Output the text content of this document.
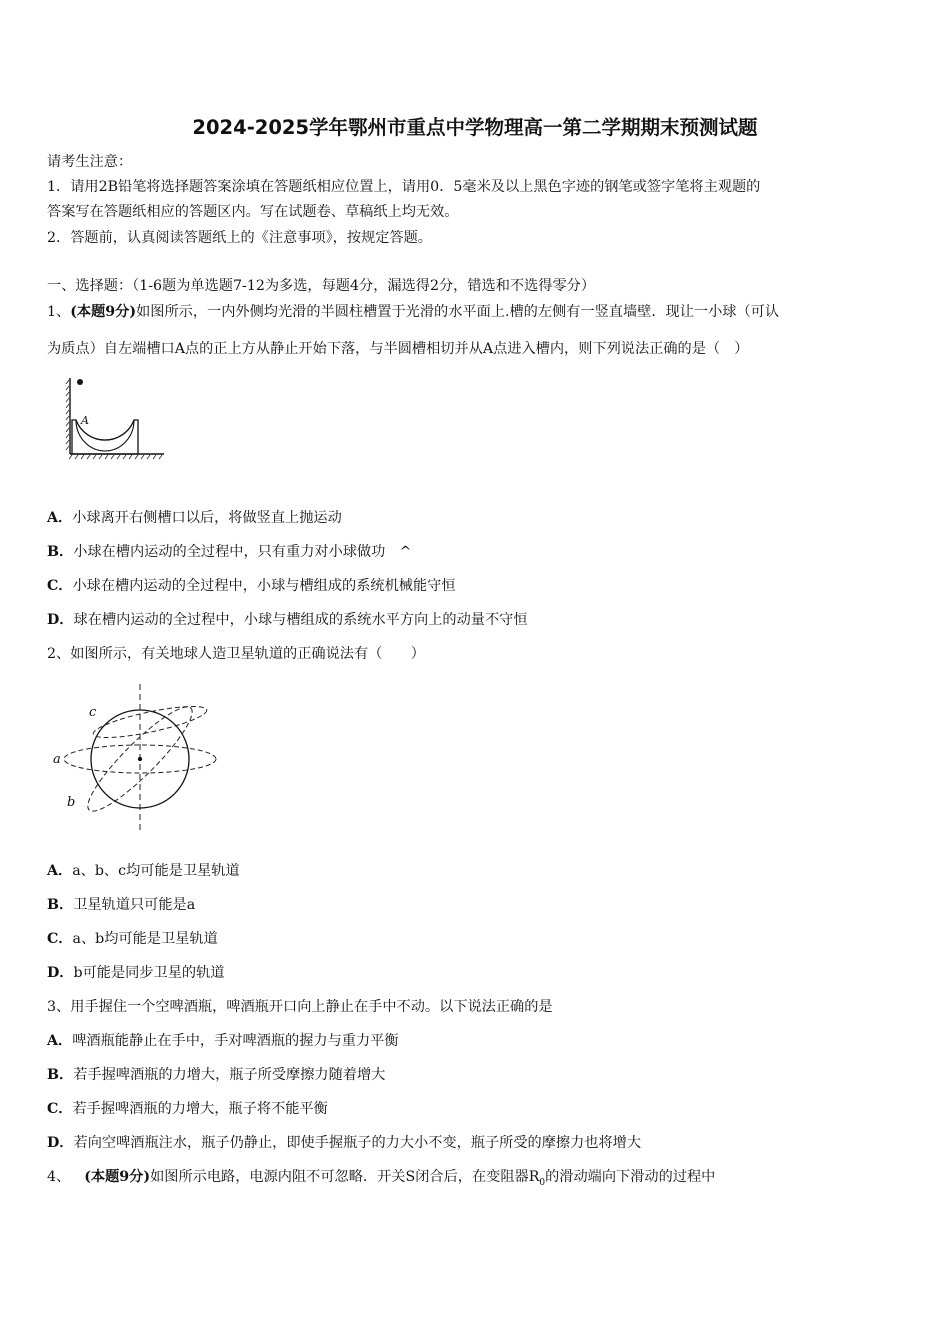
2024-2025学年鄂州市重点中学物理高一第二学期期末预测试题
请考生注意：
1．请用2B铅笔将选择题答案涂填在答题纸相应位置上，请用0．5毫米及以上黑色字迹的钢笔或签字笔将主观题的
答案写在答题纸相应的答题区内。写在试题卷、草稿纸上均无效。
2．答题前，认真阅读答题纸上的《注意事项》，按规定答题。
一、选择题：（1-6题为单选题7-12为多选，每题4分，漏选得2分，错选和不选得零分）
1、(本题9分)如图所示，一内外侧均光滑的半圆柱槽置于光滑的水平面上.槽的左侧有一竖直墙壁．现让一小球（可认
为质点）自左端槽口A点的正上方从静止开始下落，与半圆槽相切并从A点进入槽内，则下列说法正确的是（　）
A
A．小球离开右侧槽口以后，将做竖直上抛运动
B．小球在槽内运动的全过程中，只有重力对小球做功　^
C．小球在槽内运动的全过程中，小球与槽组成的系统机械能守恒
D．球在槽内运动的全过程中，小球与槽组成的系统水平方向上的动量不守恒
2、如图所示，有关地球人造卫星轨道的正确说法有（　　）
c
a
b
A．a、b、c均可能是卫星轨道
B．卫星轨道只可能是a
C．a、b均可能是卫星轨道
D．b可能是同步卫星的轨道
3、用手握住一个空啤酒瓶，啤酒瓶开口向上静止在手中不动。以下说法正确的是
A．啤酒瓶能静止在手中，手对啤酒瓶的握力与重力平衡
B．若手握啤酒瓶的力增大，瓶子所受摩擦力随着增大
C．若手握啤酒瓶的力增大，瓶子将不能平衡
D．若向空啤酒瓶注水，瓶子仍静止，即使手握瓶子的力大小不变，瓶子所受的摩擦力也将增大
4、 (本题9分)如图所示电路，电源内阻不可忽略．开关S闭合后，在变阻器$R_0$的滑动端向下滑动的过程中
